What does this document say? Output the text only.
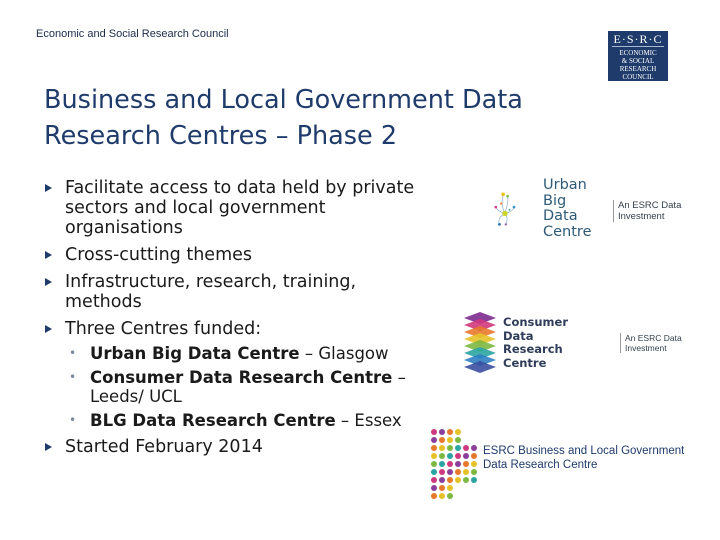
Economic and Social Research Council	E·S·R·C
ECONOMIC
& SOCIAL
RESEARCH
COUNCIL
Business and Local Government Data
Research Centres – Phase 2
Facilitate access to data held by private sectors and local government organisations
Cross-cutting themes
Infrastructure, research, training, methods
Three Centres funded:
• Urban Big Data Centre – Glasgow
• Consumer Data Research Centre – Leeds/ UCL
• BLG Data Research Centre – Essex
Started February 2014
Urban
Big
Data
Centre
An ESRC Data
Investment
Consumer
Data
Research
Centre
An ESRC Data
Investment
ESRC Business and Local Government
Data Research Centre
